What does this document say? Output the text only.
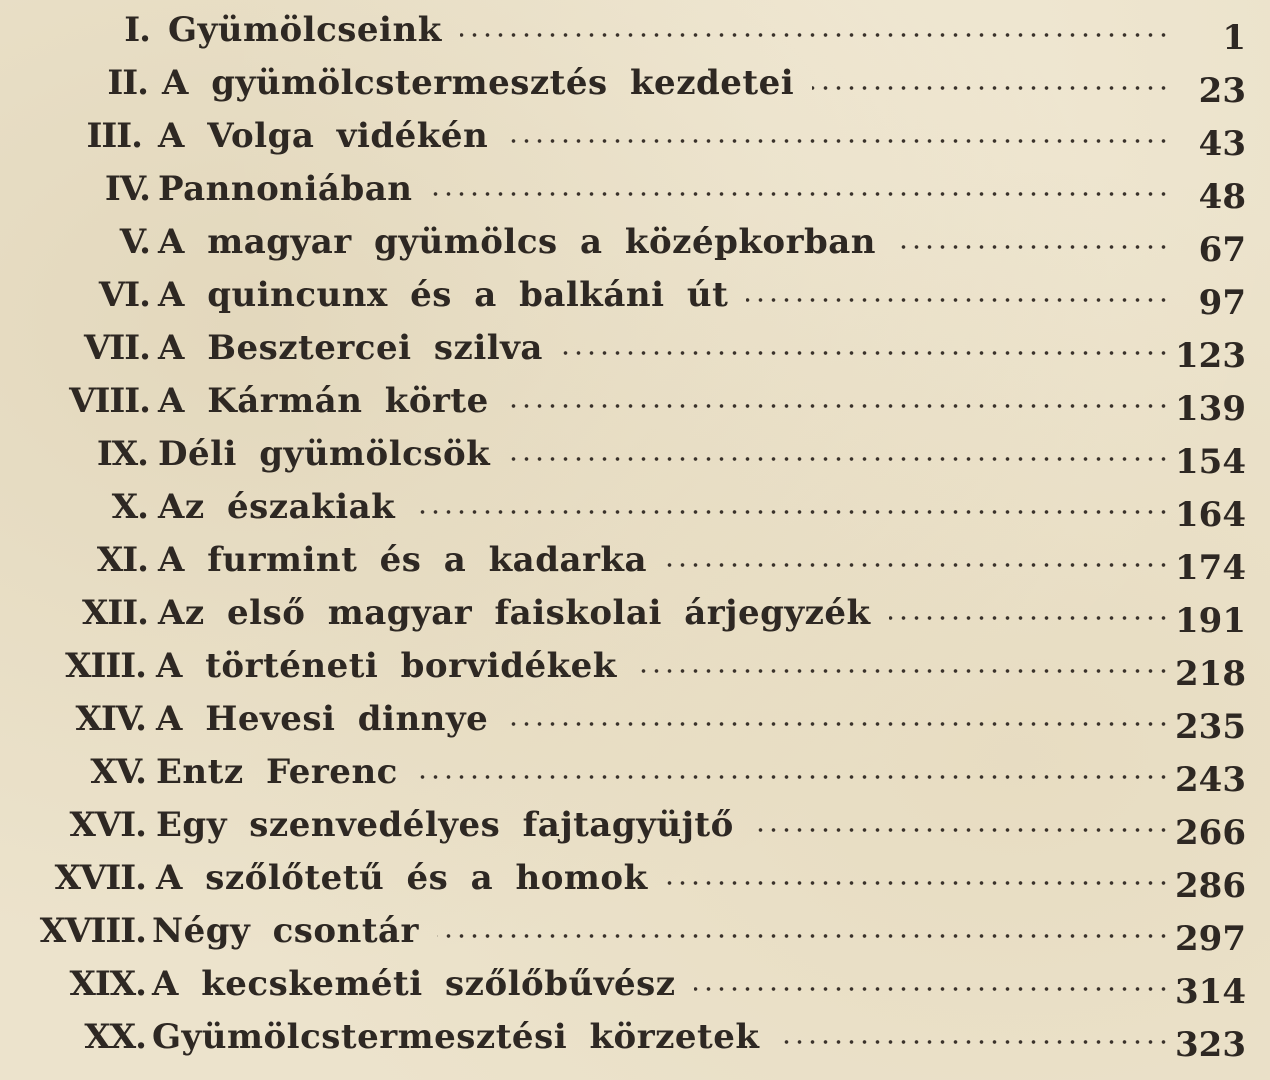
I. Gyümölcseink	1
II. A gyümölcstermesztés kezdetei	23
III. A Volga vidékén	43
IV. Pannoniában	48
V. A magyar gyümölcs a középkorban	67
VI. A quincunx és a balkáni út	97
VII. A Besztercei szilva	123
VIII. A Kármán körte	139
IX. Déli gyümölcsök	154
X. Az északiak	164
XI. A furmint és a kadarka	174
XII. Az első magyar faiskolai árjegyzék	191
XIII. A történeti borvidékek	218
XIV. A Hevesi dinnye	235
XV. Entz Ferenc	243
XVI. Egy szenvedélyes fajtagyüjtő	266
XVII. A szőlőtetű és a homok	286
XVIII. Négy csontár	297
XIX. A kecskeméti szőlőbűvész	314
XX. Gyümölcstermesztési körzetek	323
